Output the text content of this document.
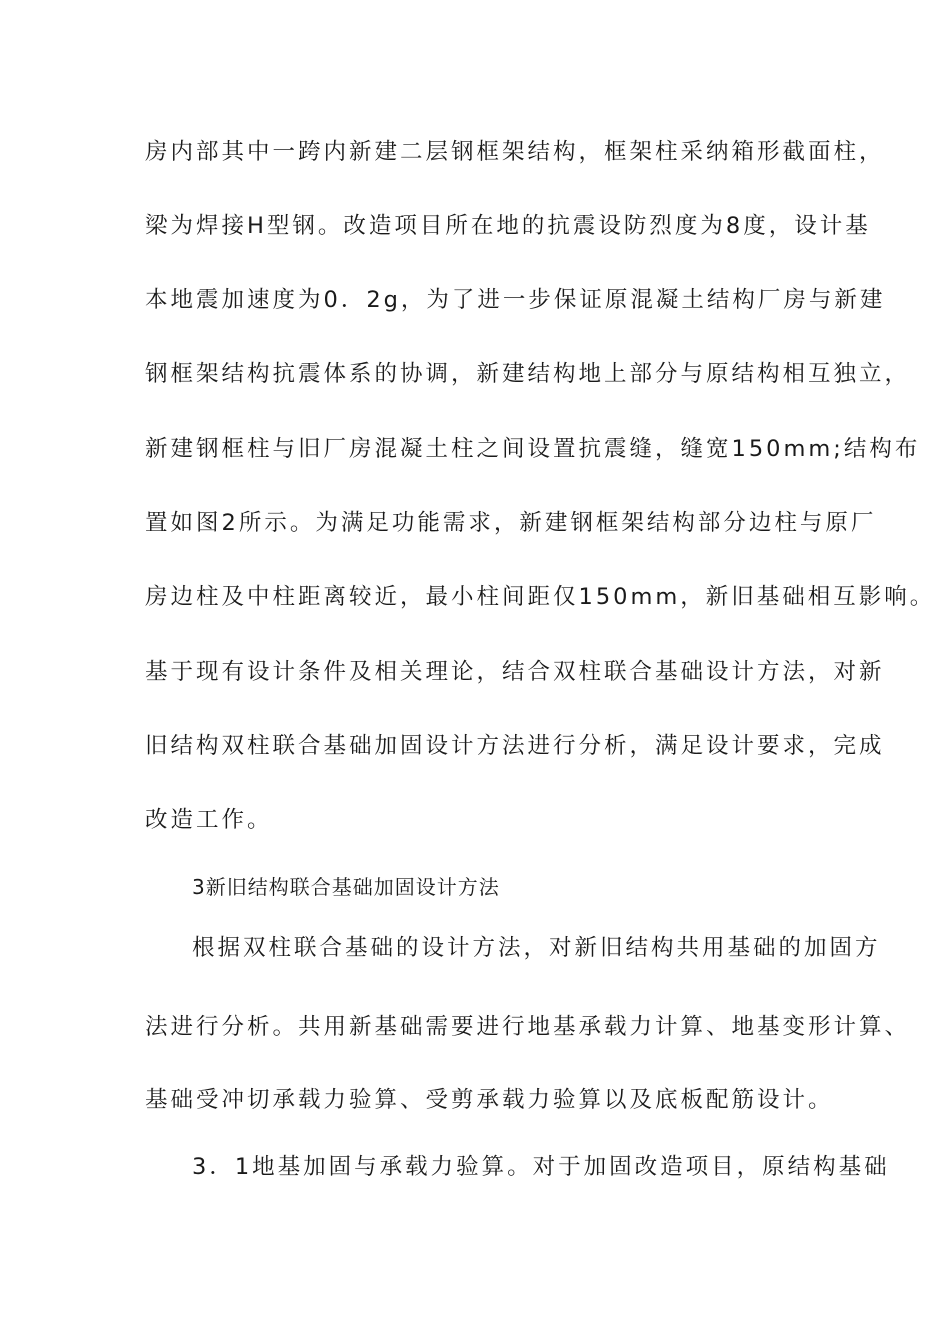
房内部其中一跨内新建二层钢框架结构，框架柱采纳箱形截面柱，
梁为焊接H型钢。改造项目所在地的抗震设防烈度为8度，设计基
本地震加速度为0．2g，为了进一步保证原混凝土结构厂房与新建
钢框架结构抗震体系的协调，新建结构地上部分与原结构相互独立，
新建钢框柱与旧厂房混凝土柱之间设置抗震缝，缝宽150mm;结构布
置如图2所示。为满足功能需求，新建钢框架结构部分边柱与原厂
房边柱及中柱距离较近，最小柱间距仅150mm，新旧基础相互影响。
基于现有设计条件及相关理论，结合双柱联合基础设计方法，对新
旧结构双柱联合基础加固设计方法进行分析，满足设计要求，完成
改造工作。
3新旧结构联合基础加固设计方法
根据双柱联合基础的设计方法，对新旧结构共用基础的加固方
法进行分析。共用新基础需要进行地基承载力计算、地基变形计算、
基础受冲切承载力验算、受剪承载力验算以及底板配筋设计。
3．1地基加固与承载力验算。对于加固改造项目，原结构基础
